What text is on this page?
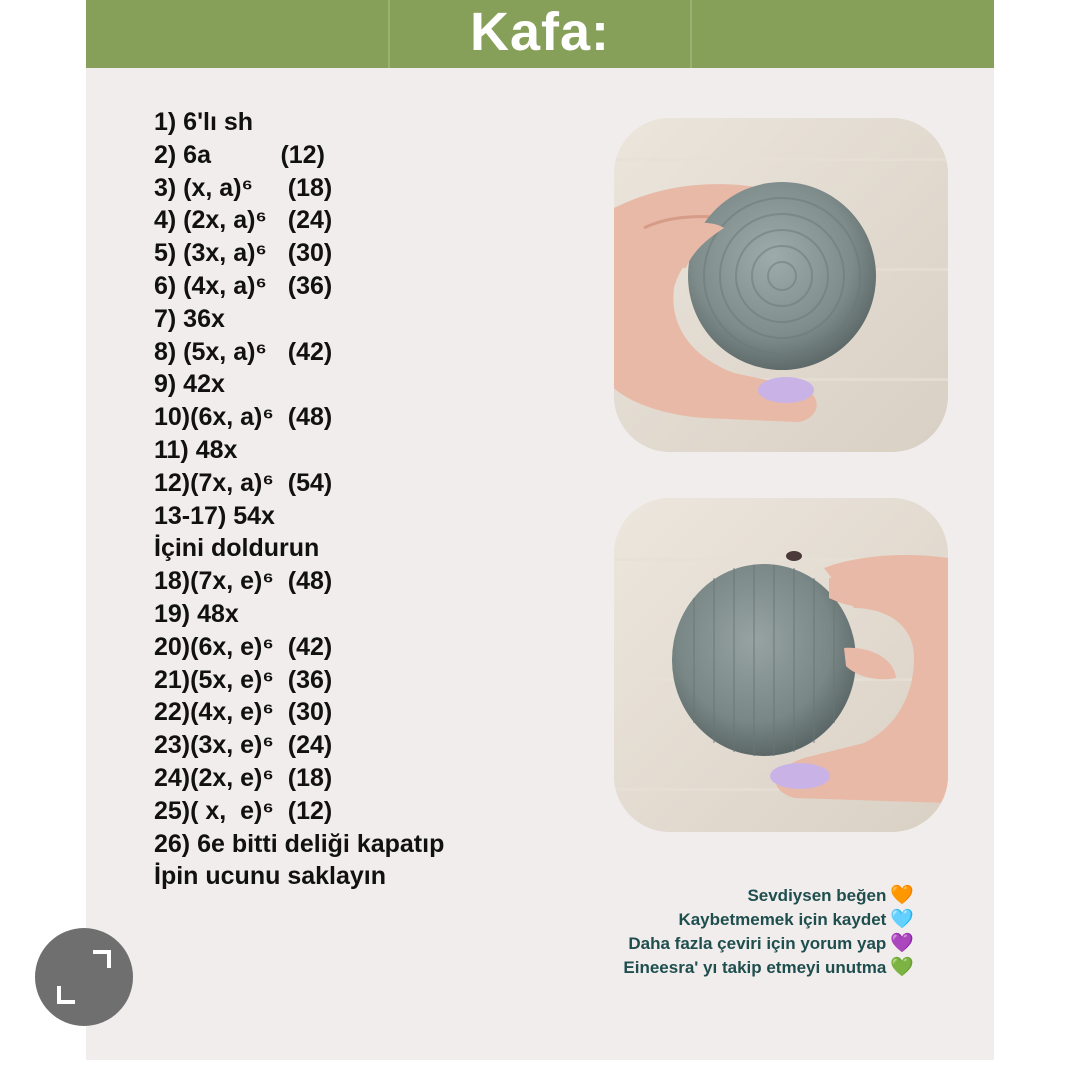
Kafa:
1) 6'lı sh
2) 6a          (12)
3) (x, a)⁶     (18)
4) (2x, a)⁶   (24)
5) (3x, a)⁶   (30)
6) (4x, a)⁶   (36)
7) 36x
8) (5x, a)⁶   (42)
9) 42x
10)(6x, a)⁶  (48)
11) 48x
12)(7x, a)⁶  (54)
13-17) 54x
İçini doldurun
18)(7x, e)⁶  (48)
19) 48x
20)(6x, e)⁶  (42)
21)(5x, e)⁶  (36)
22)(4x, e)⁶  (30)
23)(3x, e)⁶  (24)
24)(2x, e)⁶  (18)
25)( x,  e)⁶  (12)
26) 6e bitti deliği kapatıp
İpin ucunu saklayın
Sevdiysen beğen 🧡
Kaybetmemek için kaydet 🩵
Daha fazla çeviri için yorum yap 💜
Eineesra' yı takip etmeyi unutma 💚
